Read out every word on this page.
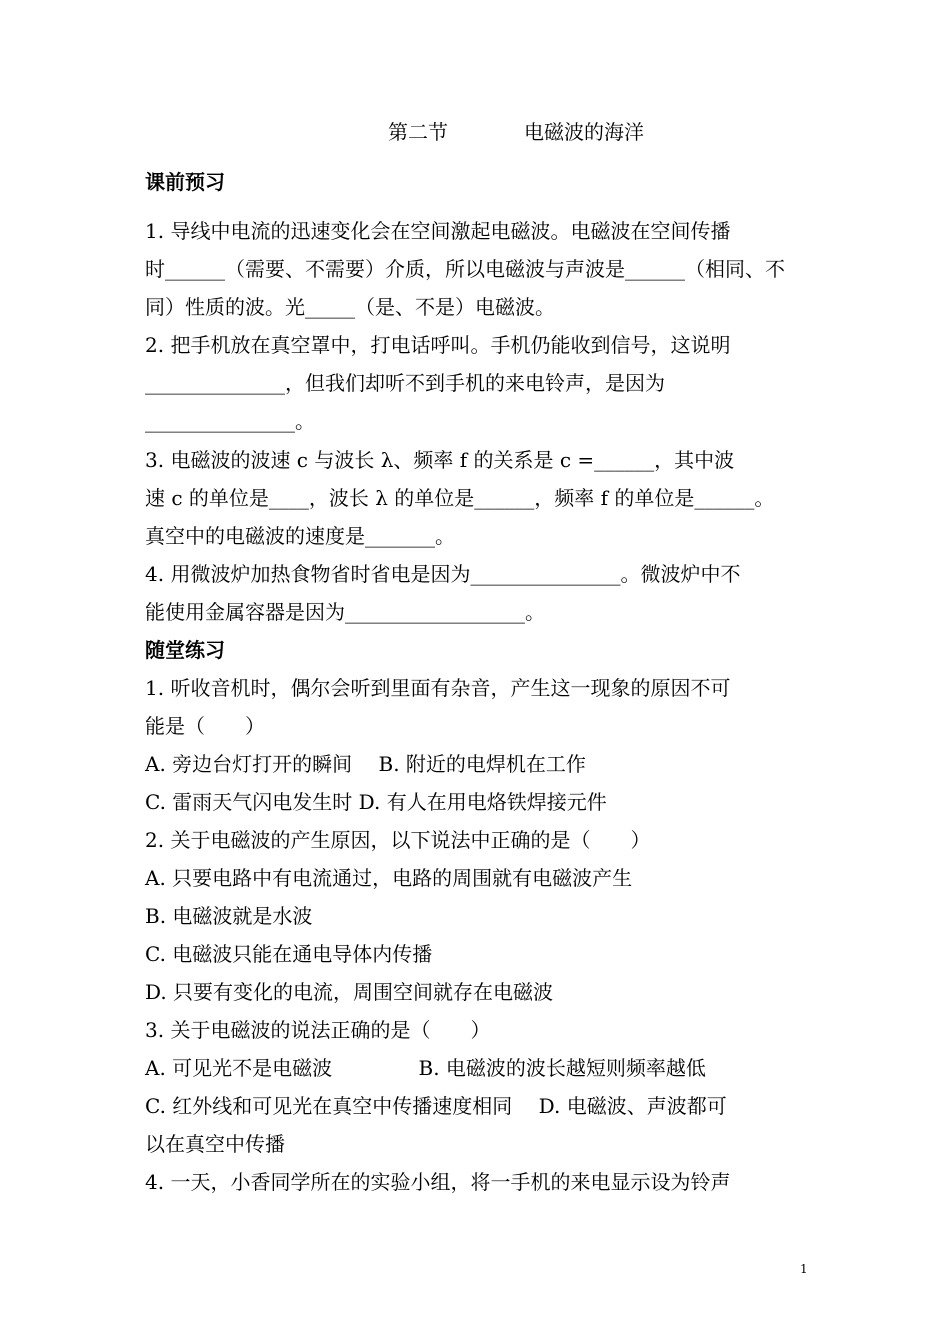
第二节	电磁波的海洋

课前预习

1. 导线中电流的迅速变化会在空间激起电磁波。电磁波在空间传播

时______（需要、不需要）介质，所以电磁波与声波是______（相同、不

同）性质的波。光_____（是、不是）电磁波。

2. 把手机放在真空罩中，打电话呼叫。手机仍能收到信号，这说明

______________，但我们却听不到手机的来电铃声，是因为

_______________。

3. 电磁波的波速 c 与波长 λ、频率 f 的关系是 c =______，其中波

速 c 的单位是____，波长 λ 的单位是______，频率 f 的单位是______。

真空中的电磁波的速度是_______。

4. 用微波炉加热食物省时省电是因为_______________。微波炉中不

能使用金属容器是因为__________________。

随堂练习

1. 听收音机时，偶尔会听到里面有杂音，产生这一现象的原因不可

能是（　　）

A. 旁边台灯打开的瞬间　 B. 附近的电焊机在工作

C. 雷雨天气闪电发生时 D. 有人在用电烙铁焊接元件

2. 关于电磁波的产生原因，以下说法中正确的是（　　）

A. 只要电路中有电流通过，电路的周围就有电磁波产生

B. 电磁波就是水波

C. 电磁波只能在通电导体内传播

D. 只要有变化的电流，周围空间就存在电磁波

3. 关于电磁波的说法正确的是（　　）

A. 可见光不是电磁波　　　　 B. 电磁波的波长越短则频率越低

C. 红外线和可见光在真空中传播速度相同　 D. 电磁波、声波都可

以在真空中传播

4. 一天，小香同学所在的实验小组，将一手机的来电显示设为铃声

1
